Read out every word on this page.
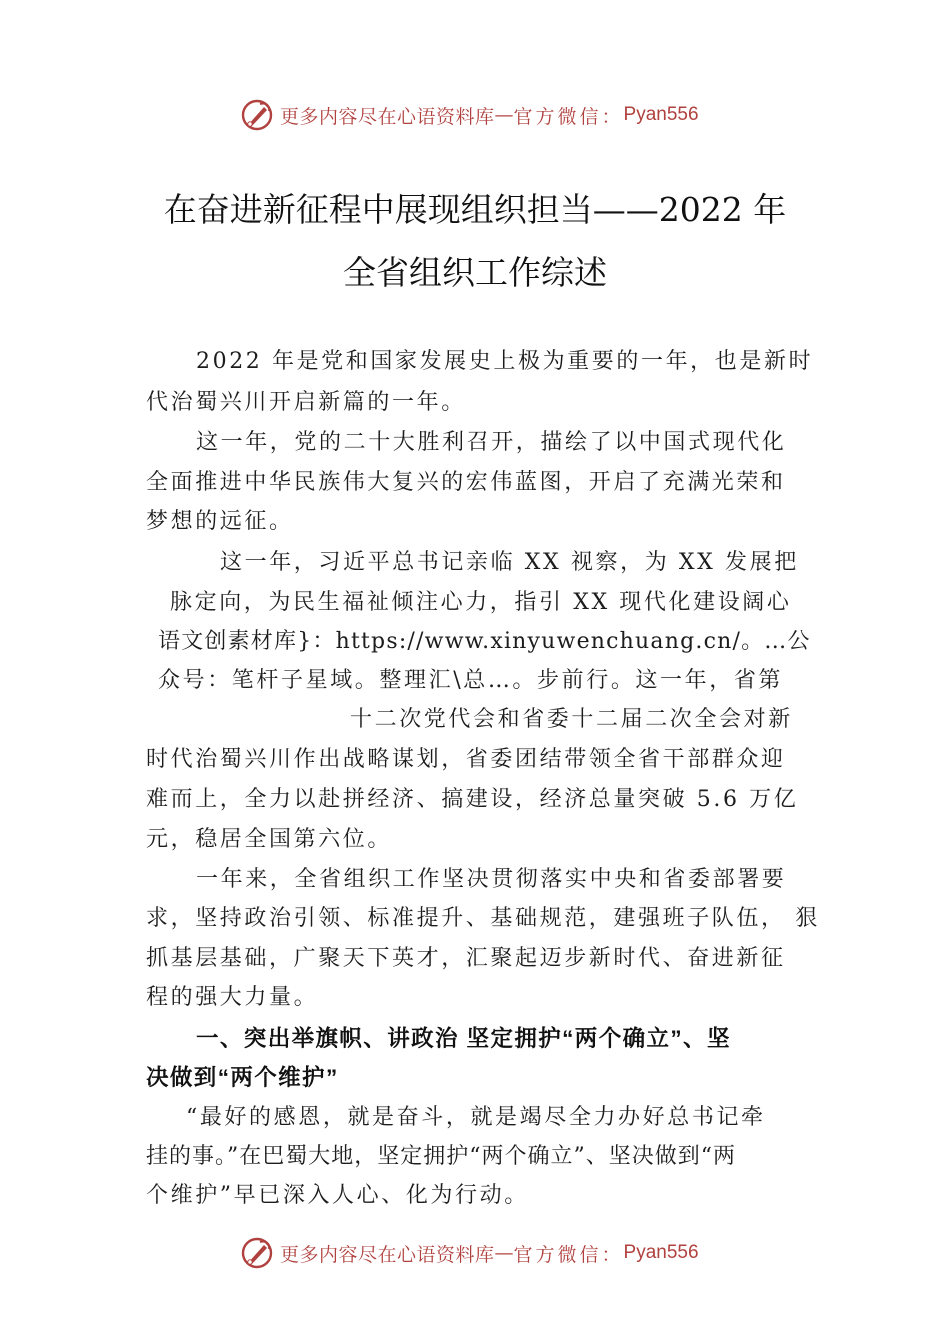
更多内容尽在心语资料库 — 官方微信： Pyan556
在奋进新征程中展现组织担当——2022 年
全省组织工作综述
2022 年是党和国家发展史上极为重要的一年，也是新时
代治蜀兴川开启新篇的一年。
这一年，党的二十大胜利召开，描绘了以中国式现代化
全面推进中华民族伟大复兴的宏伟蓝图，开启了充满光荣和
梦想的远征。
这一年，习近平总书记亲临 XX 视察，为 XX 发展把
脉定向，为民生福祉倾注心力，指引 XX 现代化建设阔心
语文创素材库}：https://www.xinyuwenchuang.cn/。…公
众号：笔杆子星域。整理汇\总…。步前行。这一年，省第
十二次党代会和省委十二届二次全会对新
时代治蜀兴川作出战略谋划，省委团结带领全省干部群众迎
难而上，全力以赴拼经济、搞建设，经济总量突破 5.6 万亿
元，稳居全国第六位。
一年来，全省组织工作坚决贯彻落实中央和省委部署要
求，坚持政治引领、标准提升、基础规范，建强班子队伍， 狠
抓基层基础，广聚天下英才，汇聚起迈步新时代、奋进新征
程的强大力量。
一、突出举旗帜、讲政治 坚定拥护“两个确立”、坚
决做到“两个维护”
“最好的感恩，就是奋斗，就是竭尽全力办好总书记牵
挂的事。”在巴蜀大地，坚定拥护“两个确立”、坚决做到“两
个维护”早已深入人心、化为行动。
更多内容尽在心语资料库 — 官方微信： Pyan556
